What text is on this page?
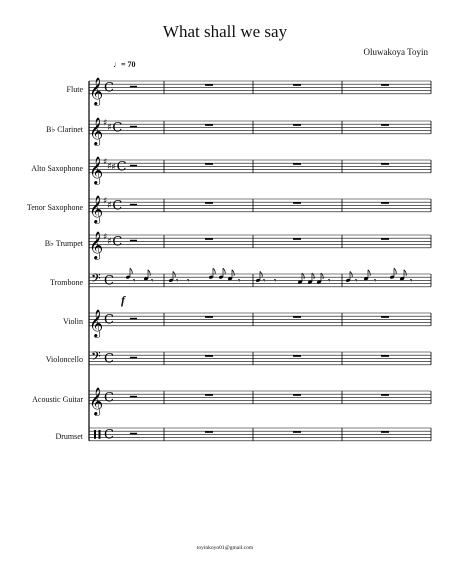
What shall we say
Oluwakoya Toyin
♩= 70
Flute
B♭ Clarinet
Alto Saxophone
Tenor Saxophone
B♭ Trumpet
Trombone
Violin
Violoncello
Acoustic Guitar
Drumset
f
𝄞 C
𝄞 ♯ ♯ C
𝄞 ♯ ♯ ♯ C
𝄞 ♯ ♯ C
𝄞 ♯ ♯ C
𝄢 C 𝄾 𝄾	𝄾 𝄾	𝄾	𝄾 𝄾	𝄾	𝄾 𝄾	𝄾
𝄞 C
𝄢 C
𝄞 C
C
toyinkoyo01@gmail.com
